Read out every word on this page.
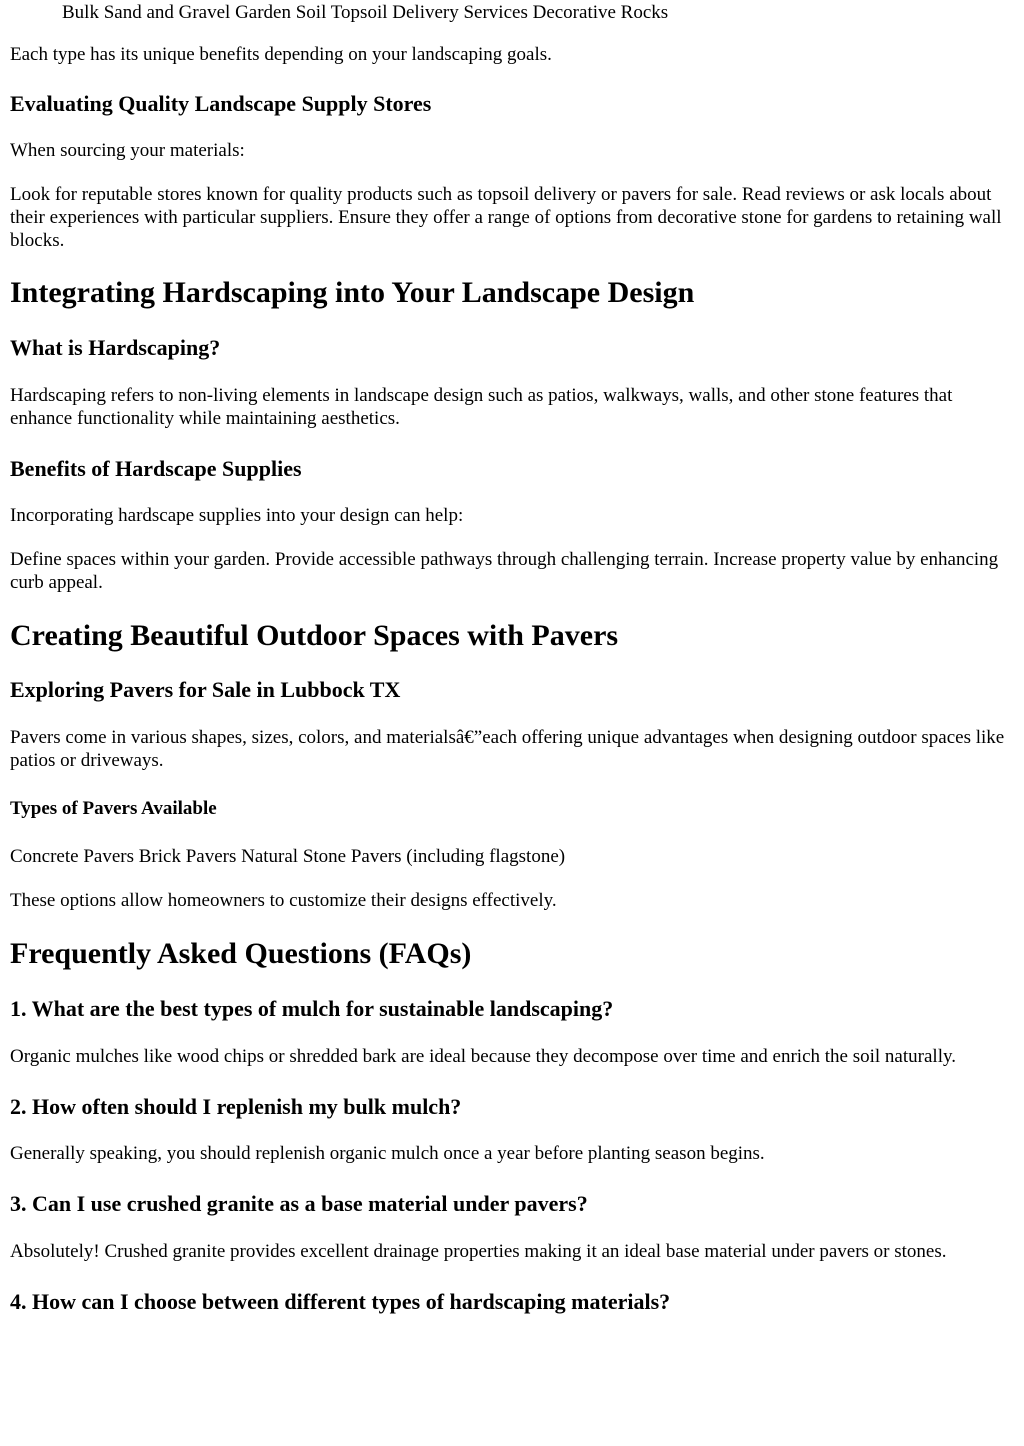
Bulk Sand and Gravel Garden Soil Topsoil Delivery Services Decorative Rocks

Each type has its unique benefits depending on your landscaping goals.

Evaluating Quality Landscape Supply Stores

When sourcing your materials:

Look for reputable stores known for quality products such as topsoil delivery or pavers for sale. Read reviews or ask locals about their experiences with particular suppliers. Ensure they offer a range of options from decorative stone for gardens to retaining wall blocks.

Integrating Hardscaping into Your Landscape Design
What is Hardscaping?

Hardscaping refers to non-living elements in landscape design such as patios, walkways, walls, and other stone features that enhance functionality while maintaining aesthetics.

Benefits of Hardscape Supplies

Incorporating hardscape supplies into your design can help:

Define spaces within your garden. Provide accessible pathways through challenging terrain. Increase property value by enhancing curb appeal.

Creating Beautiful Outdoor Spaces with Pavers
Exploring Pavers for Sale in Lubbock TX

Pavers come in various shapes, sizes, colors, and materialsâ€”each offering unique advantages when designing outdoor spaces like patios or driveways.

Types of Pavers Available

Concrete Pavers Brick Pavers Natural Stone Pavers (including flagstone)

These options allow homeowners to customize their designs effectively.

Frequently Asked Questions (FAQs)
1. What are the best types of mulch for sustainable landscaping?

Organic mulches like wood chips or shredded bark are ideal because they decompose over time and enrich the soil naturally.

2. How often should I replenish my bulk mulch?

Generally speaking, you should replenish organic mulch once a year before planting season begins.

3. Can I use crushed granite as a base material under pavers?

Absolutely! Crushed granite provides excellent drainage properties making it an ideal base material under pavers or stones.

4. How can I choose between different types of hardscaping materials?
